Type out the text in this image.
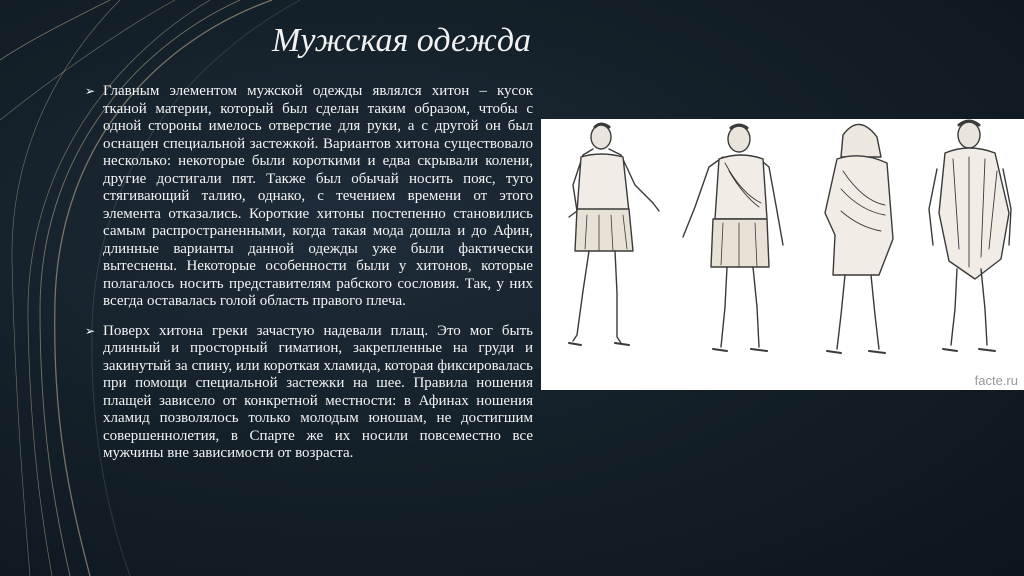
Мужская одежда
➢ Главным элементом мужской одежды являлся хитон – кусок тканой материи, который был сделан таким образом, чтобы с одной стороны имелось отверстие для руки, а с другой он был оснащен специальной застежкой. Вариантов хитона существовало несколько: некоторые были короткими и едва скрывали колени, другие достигали пят. Также был обычай носить пояс, туго стягивающий талию, однако, с течением времени от этого элемента отказались. Короткие хитоны постепенно становились самым распространенными, когда такая мода дошла и до Афин, длинные варианты данной одежды уже были фактически вытеснены. Некоторые особенности были у хитонов, которые полагалось носить представителям рабского сословия. Так, у них всегда оставалась голой область правого плеча.

➢ Поверх хитона греки зачастую надевали плащ. Это мог быть длинный и просторный гиматион, закрепленные на груди и закинутый за спину, или короткая хламида, которая фиксировалась при помощи специальной застежки на шее. Правила ношения плащей зависело от конкретной местности: в Афинах ношения хламид позволялось только молодым юношам, не достигшим совершеннолетия, в Спарте же их носили повсеместно все мужчины вне зависимости от возраста.

facte.ru
